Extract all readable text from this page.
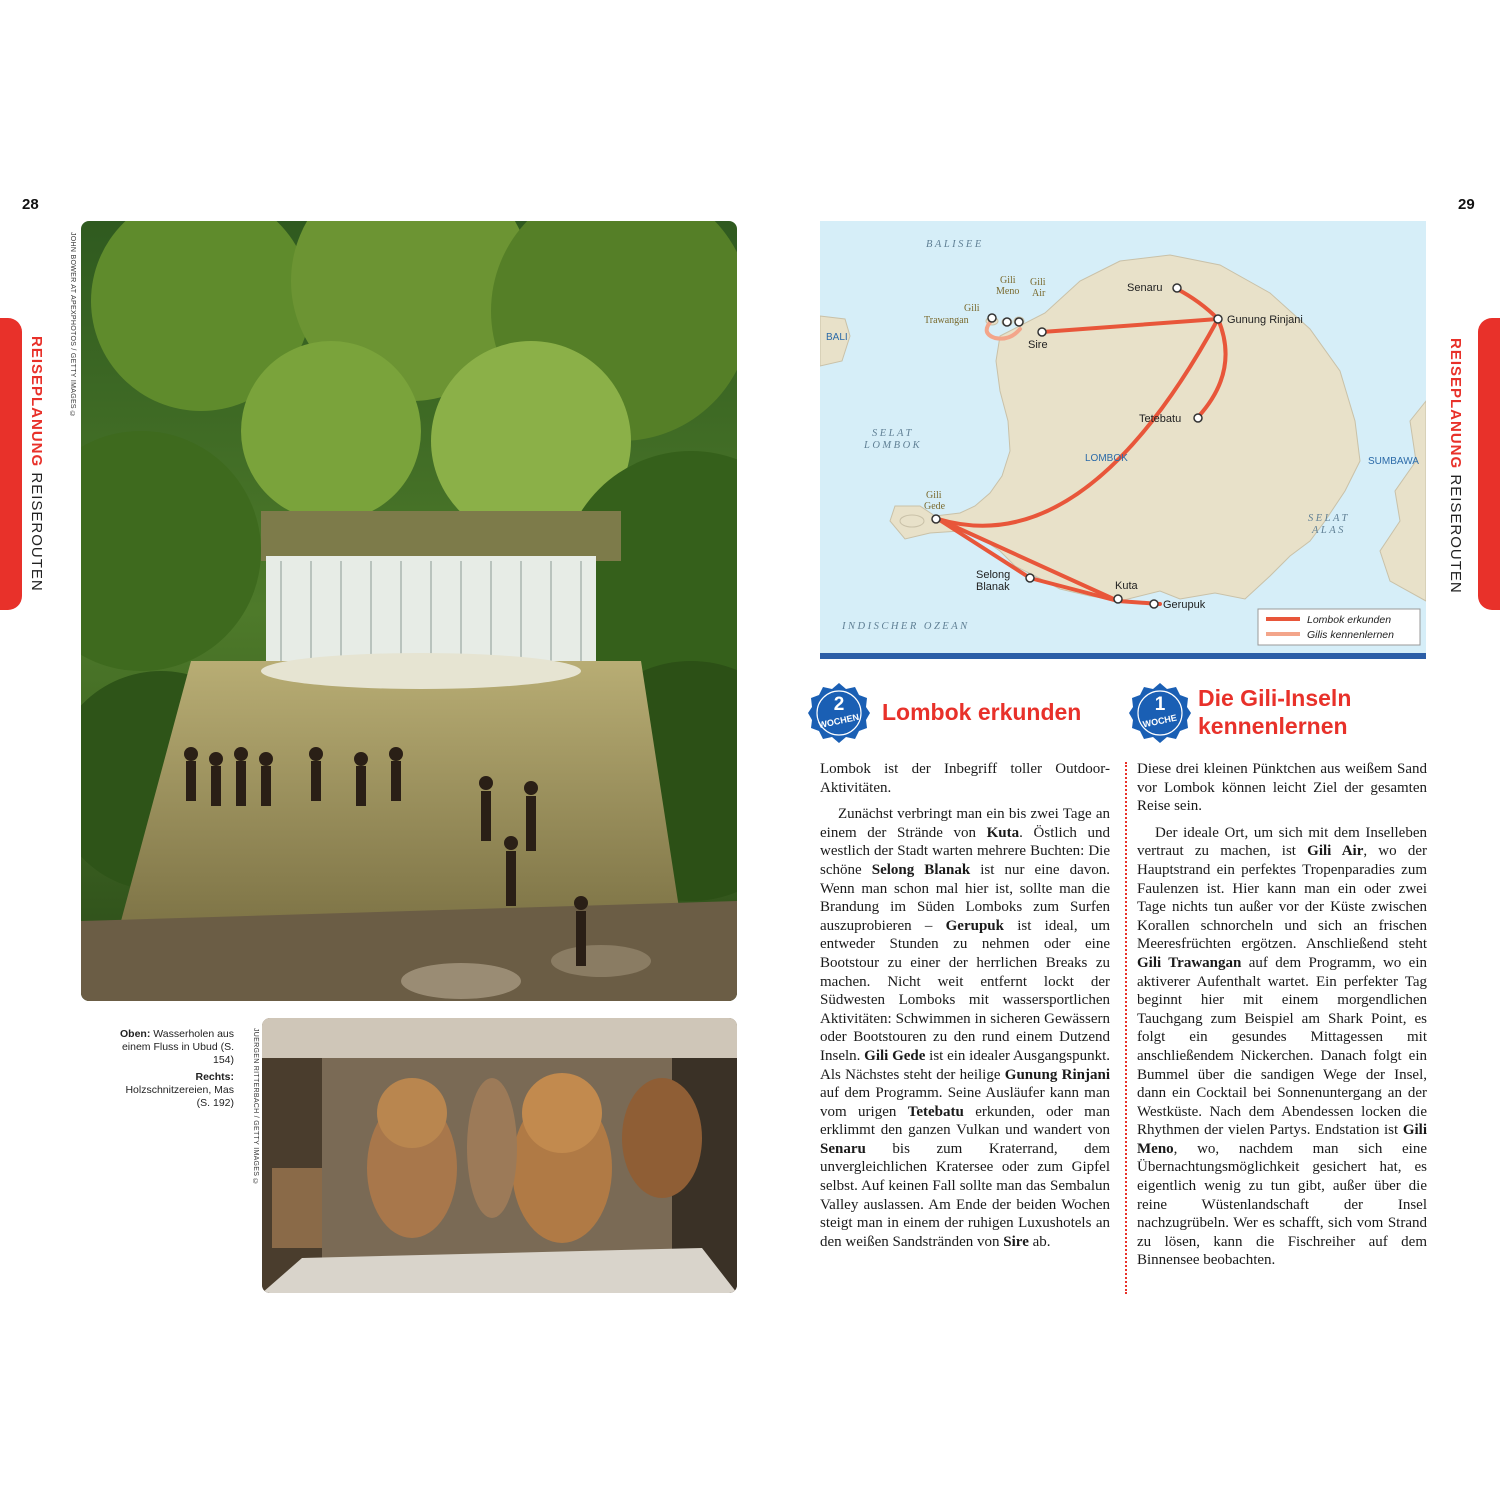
28	29
REISEPLANUNG REISEROUTEN
REISEPLANUNG REISEROUTEN
JOHN BOWER AT APEXPHOTOS / GETTY IMAGES ©
JUERGEN RITTERBACH / GETTY IMAGES ©
Oben: Wasserholen aus einem Fluss in Ubud (S. 154)
Rechts: Holzschnitzereien, Mas (S. 192)
BALISEE
SELAT
LOMBOK
SELAT
ALAS
INDISCHER OZEAN
BALI
LOMBOK	SUMBAWA
Gili
Meno
Gili
Air
Gili
Trawangan
Gili
Gede
Senaru
Gunung Rinjani
Sire
Tetebatu
Selong
Blanak	Kuta
Gerupuk
Lombok erkunden
Gilis kennenlernen
2
WOCHEN Lombok erkunden	1
WOCHE
Die Gili-Inseln
kennenlernen

Lombok ist der Inbegriff toller Outdoor-Aktivitäten.

Zunächst verbringt man ein bis zwei Tage an einem der Strände von Kuta. Östlich und westlich der Stadt warten mehrere Buchten: Die schöne Selong Blanak ist nur eine davon. Wenn man schon mal hier ist, sollte man die Brandung im Süden Lomboks zum Surfen auszuprobieren – Gerupuk ist ideal, um entweder Stunden zu nehmen oder eine Bootstour zu einer der herrlichen Breaks zu machen. Nicht weit entfernt lockt der Südwesten Lomboks mit wassersportlichen Aktivitäten: Schwimmen in sicheren Gewässern oder Bootstouren zu den rund einem Dutzend Inseln. Gili Gede ist ein idealer Ausgangspunkt. Als Nächstes steht der heilige Gunung Rinjani auf dem Programm. Seine Ausläufer kann man vom urigen Tetebatu erkunden, oder man erklimmt den ganzen Vulkan und wandert von Senaru bis zum Kraterrand, dem unvergleichlichen Kratersee oder zum Gipfel selbst. Auf keinen Fall sollte man das Sembalun Valley auslassen. Am Ende der beiden Wochen steigt man in einem der ruhigen Luxushotels an den weißen Sandstränden von Sire ab.

Diese drei kleinen Pünktchen aus weißem Sand vor Lombok können leicht Ziel der gesamten Reise sein.

Der ideale Ort, um sich mit dem Inselleben vertraut zu machen, ist Gili Air, wo der Hauptstrand ein perfektes Tropenparadies zum Faulenzen ist. Hier kann man ein oder zwei Tage nichts tun außer vor der Küste zwischen Korallen schnorcheln und sich an frischen Meeresfrüchten ergötzen. Anschließend steht Gili Trawangan auf dem Programm, wo ein aktiverer Aufenthalt wartet. Ein perfekter Tag beginnt hier mit einem morgendlichen Tauchgang zum Beispiel am Shark Point, es folgt ein gesundes Mittagessen mit anschließendem Nickerchen. Danach folgt ein Bummel über die sandigen Wege der Insel, dann ein Cocktail bei Sonnenuntergang an der Westküste. Nach dem Abendessen locken die Rhythmen der vielen Partys. Endstation ist Gili Meno, wo, nachdem man sich eine Übernachtungsmöglichkeit gesichert hat, es eigentlich wenig zu tun gibt, außer über die reine Wüstenlandschaft der Insel nachzugrübeln. Wer es schafft, sich vom Strand zu lösen, kann die Fischreiher auf dem Binnensee beobachten.
